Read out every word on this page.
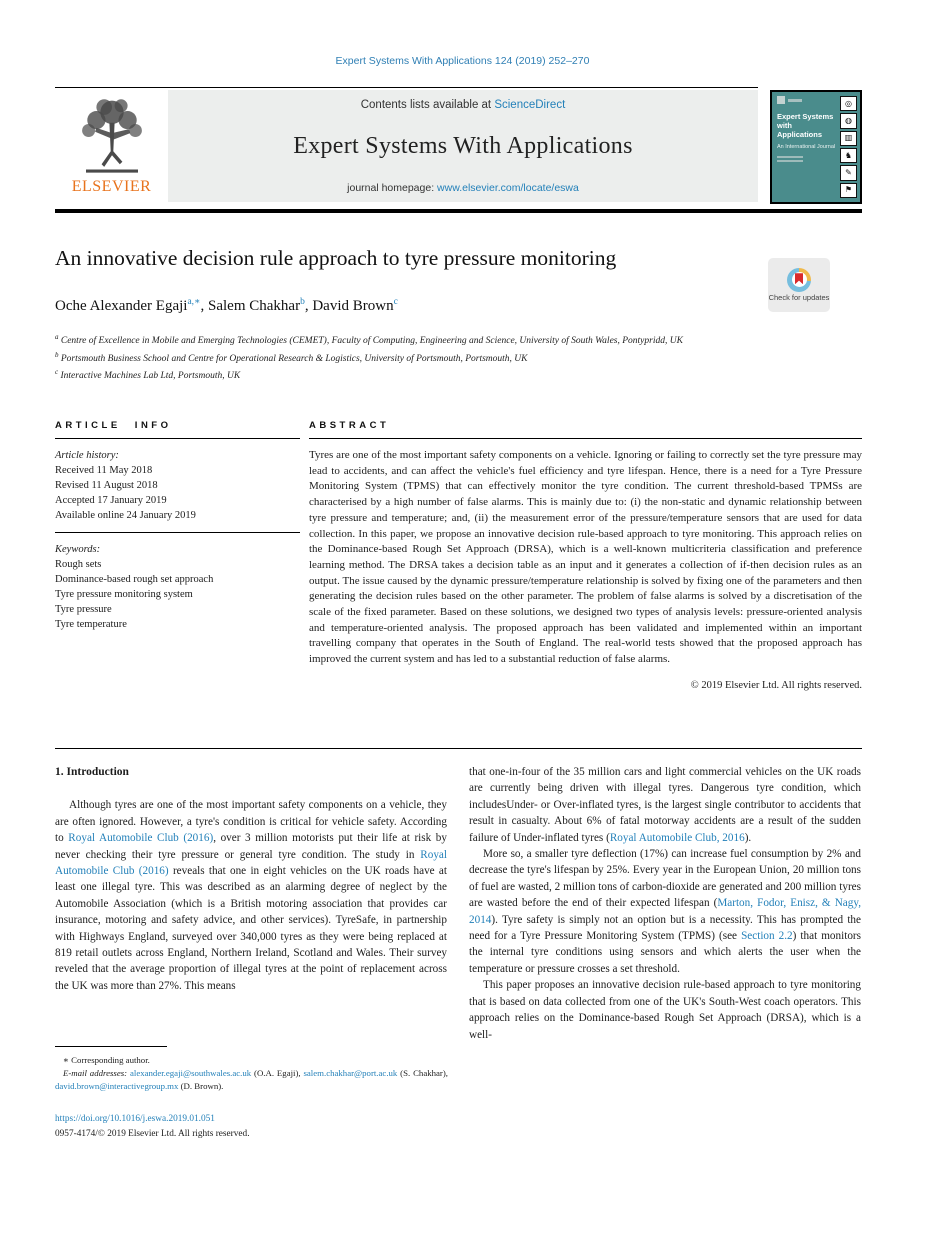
Expert Systems With Applications 124 (2019) 252–270
ELSEVIER
Contents lists available at ScienceDirect
Expert Systems With Applications
journal homepage: www.elsevier.com/locate/eswa
Expert Systems with Applications
An International Journal
◎
◍
▥
♞
✎
⚑
An innovative decision rule approach to tyre pressure monitoring
Check for updates
Oche Alexander Egaji$^{a,∗}$, Salem Chakhar$^b$, David Brown$^c$
$^a$ Centre of Excellence in Mobile and Emerging Technologies (CEMET), Faculty of Computing, Engineering and Science, University of South Wales, Pontypridd, UK
$^b$ Portsmouth Business School and Centre for Operational Research & Logistics, University of Portsmouth, Portsmouth, UK
$^c$ Interactive Machines Lab Ltd, Portsmouth, UK
ARTICLE INFO
Article history:
Received 11 May 2018
Revised 11 August 2018
Accepted 17 January 2019
Available online 24 January 2019
Keywords:
Rough sets
Dominance-based rough set approach
Tyre pressure monitoring system
Tyre pressure
Tyre temperature
ABSTRACT
Tyres are one of the most important safety components on a vehicle. Ignoring or failing to correctly set the tyre pressure may lead to accidents, and can affect the vehicle's fuel efficiency and tyre lifespan. Hence, there is a need for a Tyre Pressure Monitoring System (TPMS) that can effectively monitor the tyre condition. The current threshold-based TPMSs are characterised by a high number of false alarms. This is mainly due to: (i) the non-static and dynamic relationship between tyre pressure and temperature; and, (ii) the measurement error of the pressure/temperature sensors that are used for data collection. In this paper, we propose an innovative decision rule-based approach to tyre monitoring. This approach relies on the Dominance-based Rough Set Approach (DRSA), which is a well-known multicriteria classification and preference learning method. The DRSA takes a decision table as an input and it generates a collection of if-then decision rules as an output. The issue caused by the dynamic pressure/temperature relationship is solved by fixing one of the parameters and then generating the decision rules based on the other parameter. The problem of false alarms is solved by a discretisation of the scale of the fixed parameter. Based on these solutions, we designed two types of analysis levels: pressure-oriented analysis and temperature-oriented analysis. The proposed approach has been validated and implemented within an important travelling company that operates in the South of England. The real-world tests showed that the proposed approach has improved the current system and has led to a substantial reduction of false alarms.
© 2019 Elsevier Ltd. All rights reserved.
1. Introduction

Although tyres are one of the most important safety components on a vehicle, they are often ignored. However, a tyre's condition is critical for vehicle safety. According to Royal Automobile Club (2016), over 3 million motorists put their life at risk by never checking their tyre pressure or general tyre condition. The study in Royal Automobile Club (2016) reveals that one in eight vehicles on the UK roads have at least one illegal tyre. This was described as an alarming degree of neglect by the Automobile Association (which is a British motoring association that provides car insurance, motoring and safety advice, and other services). TyreSafe, in partnership with Highways England, surveyed over 340,000 tyres as they were being replaced at 819 retail outlets across England, Northern Ireland, Scotland and Wales. Their survey reveled that the average proportion of illegal tyres at the point of replacement across the UK was more than 27%. This means

that one-in-four of the 35 million cars and light commercial vehicles on the UK roads are currently being driven with illegal tyres. Dangerous tyre condition, which includesUnder- or Over-inflated tyres, is the largest single contributor to accidents that result in casualty. About 6% of fatal motorway accidents are a result of the sudden failure of Under-inflated tyres (Royal Automobile Club, 2016).

More so, a smaller tyre deflection (17%) can increase fuel consumption by 2% and decrease the tyre's lifespan by 25%. Every year in the European Union, 20 million tons of fuel are wasted, 2 million tons of carbon-dioxide are generated and 200 million tyres are wasted before the end of their expected lifespan (Marton, Fodor, Enisz, & Nagy, 2014). Tyre safety is simply not an option but is a necessity. This has prompted the need for a Tyre Pressure Monitoring System (TPMS) (see Section 2.2) that monitors the internal tyre conditions using sensors and which alerts the user when the temperature or pressure crosses a set threshold.

This paper proposes an innovative decision rule-based approach to tyre monitoring that is based on data collected from one of the UK's South-West coach operators. This approach relies on the Dominance-based Rough Set Approach (DRSA), which is a well-

∗ Corresponding author.
E-mail addresses: alexander.egaji@southwales.ac.uk (O.A. Egaji), salem.chakhar@port.ac.uk (S. Chakhar), david.brown@interactivegroup.mx (D. Brown).
https://doi.org/10.1016/j.eswa.2019.01.051
0957-4174/© 2019 Elsevier Ltd. All rights reserved.
